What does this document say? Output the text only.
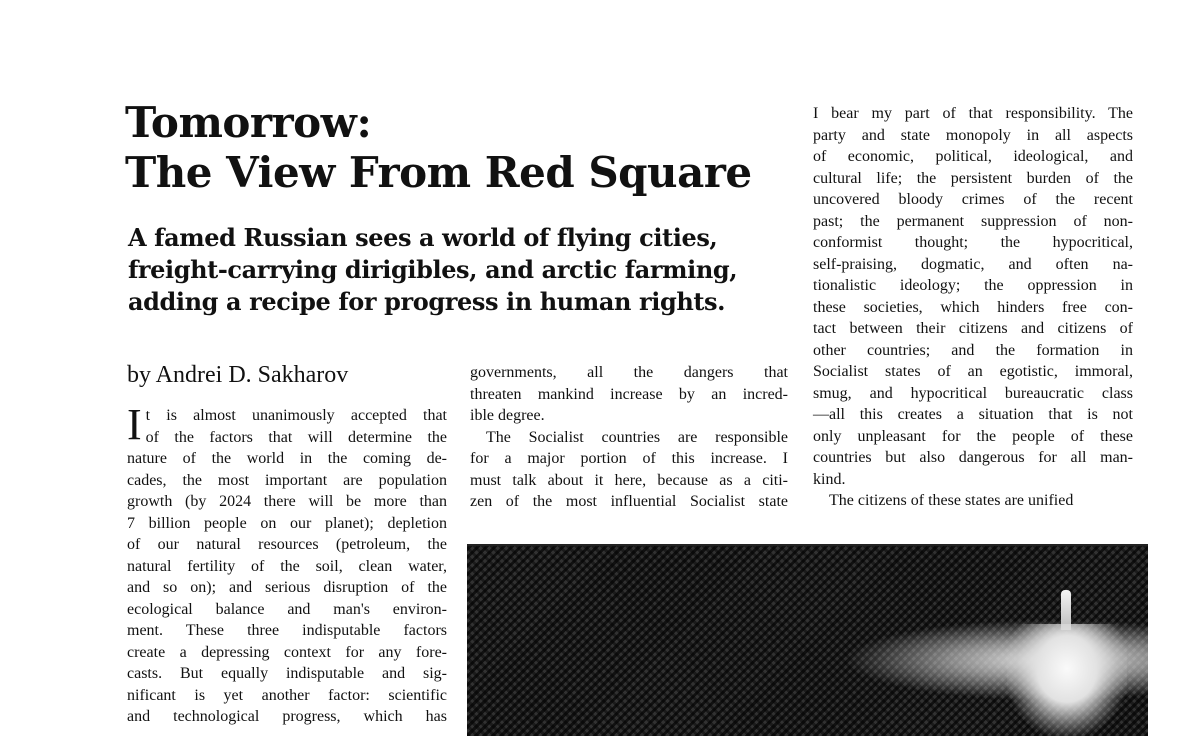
Tomorrow:
The View From Red Square
A famed Russian sees a world of flying cities,
freight-carrying dirigibles, and arctic farming,
adding a recipe for progress in human rights.
by Andrei D. Sakharov
I t is almost unanimously accepted that
of the factors that will determine the
nature of the world in the coming de-
cades, the most important are population
growth (by 2024 there will be more than
7 billion people on our planet); depletion
of our natural resources (petroleum, the
natural fertility of the soil, clean water,
and so on); and serious disruption of the
ecological balance and man's environ-
ment. These three indisputable factors
create a depressing context for any fore-
casts. But equally indisputable and sig-
nificant is yet another factor: scientific
and technological progress, which has
governments, all the dangers that
threaten mankind increase by an incred-
ible degree.
The Socialist countries are responsible
for a major portion of this increase. I
must talk about it here, because as a citi-
zen of the most influential Socialist state
I bear my part of that responsibility. The
party and state monopoly in all aspects
of economic, political, ideological, and
cultural life; the persistent burden of the
uncovered bloody crimes of the recent
past; the permanent suppression of non-
conformist thought; the hypocritical,
self-praising, dogmatic, and often na-
tionalistic ideology; the oppression in
these societies, which hinders free con-
tact between their citizens and citizens of
other countries; and the formation in
Socialist states of an egotistic, immoral,
smug, and hypocritical bureaucratic class
—all this creates a situation that is not
only unpleasant for the people of these
countries but also dangerous for all man-
kind.
The citizens of these states are unified
